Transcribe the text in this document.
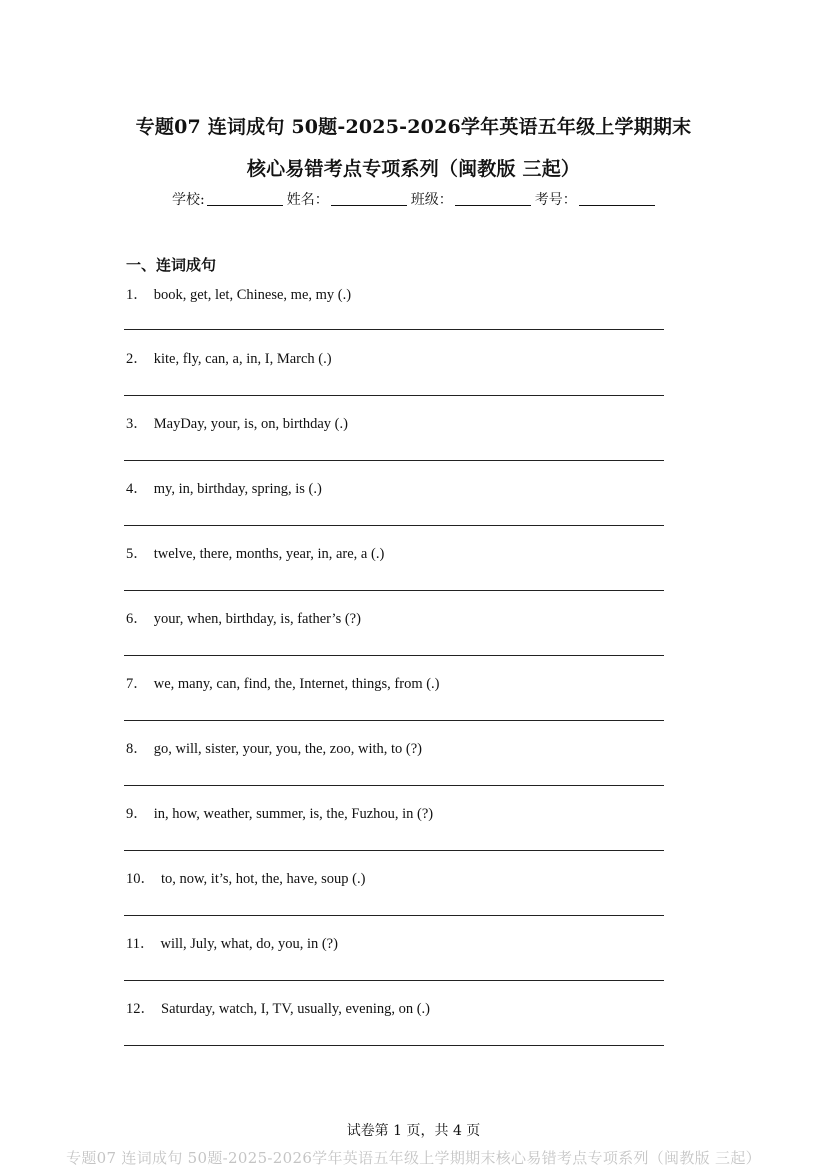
专题07 连词成句 50题-2025-2026学年英语五年级上学期期末
核心易错考点专项系列（闽教版 三起）
学校:	姓名：	班级：	考号：
一、连词成句
1． book, get, let, Chinese, me, my (.)
2． kite, fly, can, a, in, I, March (.)
3． MayDay, your, is, on, birthday (.)
4． my, in, birthday, spring, is (.)
5． twelve, there, months, year, in, are, a (.)
6． your, when, birthday, is, father’s (?)
7． we, many, can, find, the, Internet, things, from (.)
8． go, will, sister, your, you, the, zoo, with, to (?)
9． in, how, weather, summer, is, the, Fuzhou, in (?)
10． to, now, it’s, hot, the, have, soup (.)
11． will, July, what, do, you, in (?)
12． Saturday, watch, I, TV, usually, evening, on (.)
试卷第 1 页，共 4 页
专题07 连词成句 50题-2025-2026学年英语五年级上学期期末核心易错考点专项系列（闽教版 三起）
